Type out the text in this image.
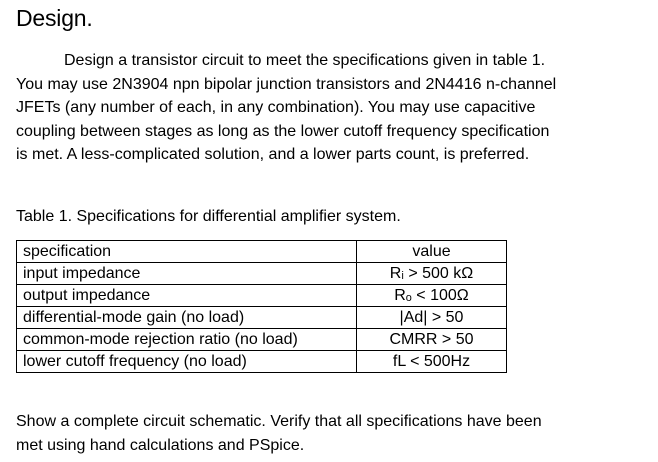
Design.
Design a transistor circuit to meet the specifications given in table 1.
You may use 2N3904 npn bipolar junction transistors and 2N4416 n-channel
JFETs (any number of each, in any combination). You may use capacitive
coupling between stages as long as the lower cutoff frequency specification
is met. A less-complicated solution, and a lower parts count, is preferred.
Table 1. Specifications for differential amplifier system.
specification	value
input impedance	Rᵢ > 500 kΩ
output impedance	Rₒ < 100Ω
differential-mode gain (no load)	|Ad| > 50
common-mode rejection ratio (no load)	CMRR > 50
lower cutoff frequency (no load)	fL < 500Hz
Show a complete circuit schematic. Verify that all specifications have been
met using hand calculations and PSpice.
